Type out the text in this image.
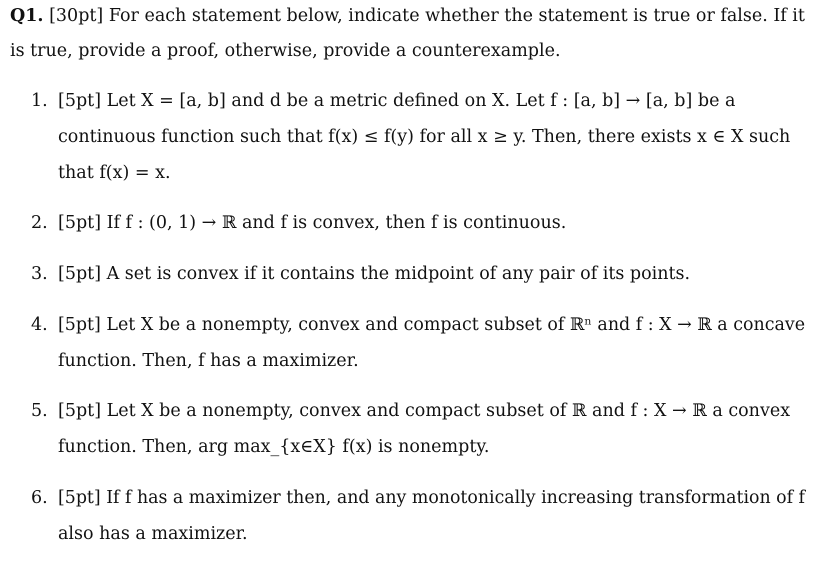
Q1. [30pt] For each statement below, indicate whether the statement is true or false. If it
is true, provide a proof, otherwise, provide a counterexample.
1. [5pt] Let X = [a, b] and d be a metric defined on X. Let f : [a, b] → [a, b] be a
continuous function such that f(x) ≤ f(y) for all x ≥ y. Then, there exists x ∈ X such
that f(x) = x.
2. [5pt] If f : (0, 1) → ℝ and f is convex, then f is continuous.
3. [5pt] A set is convex if it contains the midpoint of any pair of its points.
4. [5pt] Let X be a nonempty, convex and compact subset of ℝⁿ and f : X → ℝ a concave
function. Then, f has a maximizer.
5. [5pt] Let X be a nonempty, convex and compact subset of ℝ and f : X → ℝ a convex
function. Then, arg max_{x∈X} f(x) is nonempty.
6. [5pt] If f has a maximizer then, and any monotonically increasing transformation of f
also has a maximizer.
